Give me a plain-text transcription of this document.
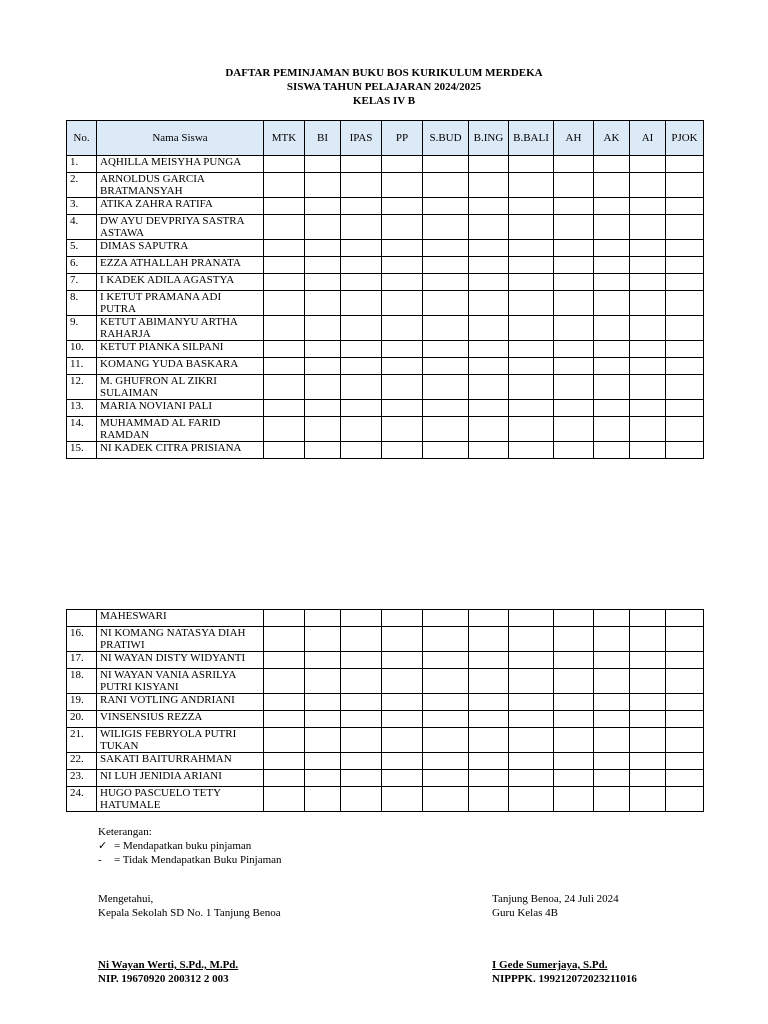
DAFTAR PEMINJAMAN BUKU BOS KURIKULUM MERDEKA
SISWA TAHUN PELAJARAN 2024/2025
KELAS IV B
No.	Nama Siswa	MTK	BI	IPAS	PP	S.BUD	B.ING	B.BALI	AH	AK	AI	PJOK
1.	AQHILLA MEISYHA PUNGA											
2.	ARNOLDUS GARCIA BRATMANSYAH											
3.	ATIKA ZAHRA RATIFA											
4.	DW AYU DEVPRIYA SASTRA ASTAWA											
5.	DIMAS SAPUTRA											
6.	EZZA ATHALLAH PRANATA											
7.	I KADEK ADILA AGASTYA											
8.	I KETUT PRAMANA ADI PUTRA											
9.	KETUT ABIMANYU ARTHA RAHARJA											
10.	KETUT PIANKA SILPANI											
11.	KOMANG YUDA BASKARA											
12.	M. GHUFRON AL ZIKRI SULAIMAN											
13.	MARIA NOVIANI PALI											
14.	MUHAMMAD AL FARID RAMDAN											
15.	NI KADEK CITRA PRISIANA											
	MAHESWARI											
16.	NI KOMANG NATASYA DIAH PRATIWI											
17.	NI WAYAN DISTY WIDYANTI											
18.	NI WAYAN VANIA ASRILYA PUTRI KISYANI											
19.	RANI VOTLING ANDRIANI											
20.	VINSENSIUS REZZA											
21.	WILIGIS FEBRYOLA PUTRI TUKAN											
22.	SAKATI BAITURRAHMAN											
23.	NI LUH JENIDIA ARIANI											
24.	HUGO PASCUELO TETY HATUMALE											
Keterangan:
✓ = Mendapatkan buku pinjaman
-	= Tidak Mendapatkan Buku Pinjaman
Mengetahui,
Kepala Sekolah SD No. 1 Tanjung Benoa
Ni Wayan Werti, S.Pd., M.Pd.
NIP. 19670920 200312 2 003
Tanjung Benoa, 24 Juli 2024
Guru Kelas 4B
I Gede Sumerjaya, S.Pd.
NIPPPK. 199212072023211016
